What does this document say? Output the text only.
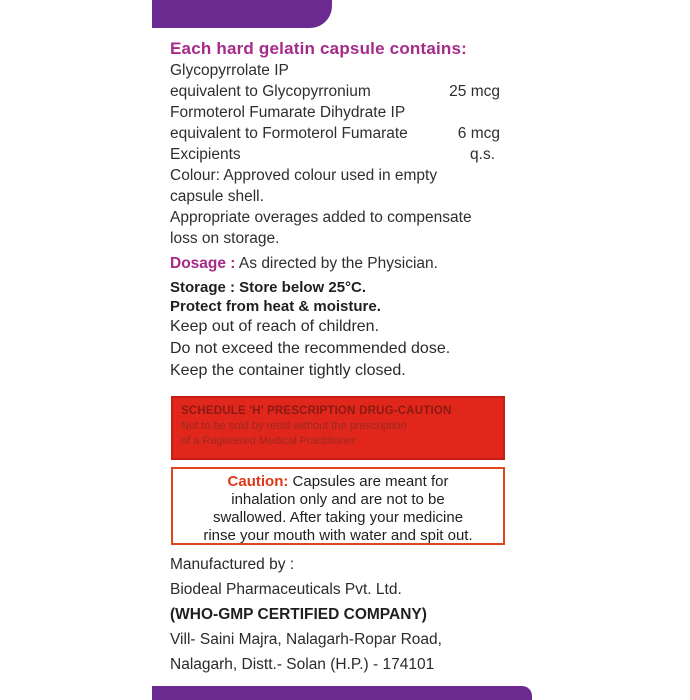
Each hard gelatin capsule contains:
Glycopyrrolate IP
equivalent to Glycopyrronium	25 mcg
Formoterol Fumarate Dihydrate IP
equivalent to Formoterol Fumarate	6 mcg
Excipients	q.s.
Colour: Approved colour used in empty
capsule shell.
Appropriate overages added to compensate
loss on storage.
Dosage : As directed by the Physician.
Storage : Store below 25°C.
Protect from heat & moisture.
Keep out of reach of children.
Do not exceed the recommended dose.
Keep the container tightly closed.
SCHEDULE 'H' PRESCRIPTION DRUG-CAUTION
Not to be sold by retail without the prescription
of a Registered Medical Practitioner
Caution: Capsules are meant for
inhalation only and are not to be
swallowed. After taking your medicine
rinse your mouth with water and spit out.
Manufactured by :
Biodeal Pharmaceuticals Pvt. Ltd.
(WHO-GMP CERTIFIED COMPANY)
Vill- Saini Majra, Nalagarh-Ropar Road,
Nalagarh, Distt.- Solan (H.P.) - 174101
